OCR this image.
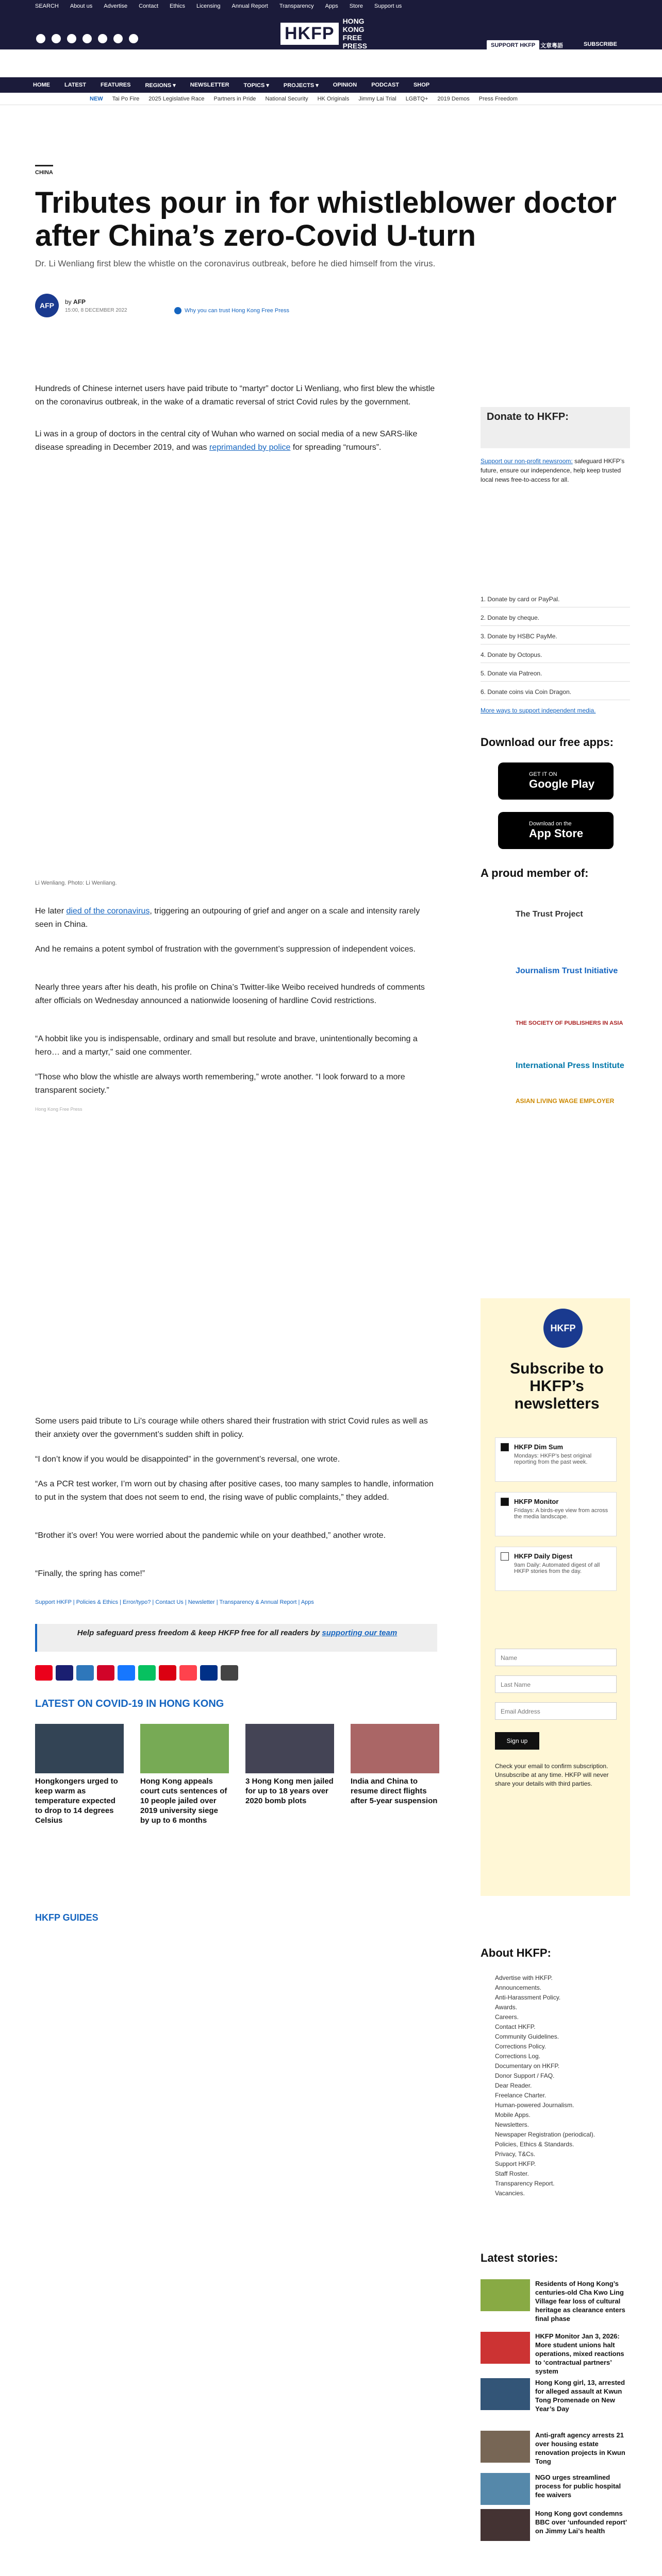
SEARCH About us Advertise Contact Ethics Licensing Annual Report Transparency Apps Store Support us
HKFP
HONG KONG
FREE PRESS	SUPPORT HKFP 文章粵語	SUBSCRIBE
HOME	LATEST	FEATURES	REGIONS ▾	NEWSLETTER	TOPICS ▾	PROJECTS ▾	OPINION	PODCAST	SHOP
NEW Tai Po Fire 2025 Legislative Race Partners in Pride National Security HK Originals Jimmy Lai Trial LGBTQ+ 2019 Demos Press Freedom
CHINA
Tributes pour in for whistleblower doctor after China’s zero-Covid U-turn
Dr. Li Wenliang first blew the whistle on the coronavirus outbreak, before he died himself from the virus.
AFP	by AFP
15:00, 8 DECEMBER 2022	Why you can trust Hong Kong Free Press

Hundreds of Chinese internet users have paid tribute to “martyr” doctor Li Wenliang, who first blew the whistle on the coronavirus outbreak, in the wake of a dramatic reversal of strict Covid rules by the government.

Li was in a group of doctors in the central city of Wuhan who warned on social media of a new SARS-like disease spreading in December 2019, and was reprimanded by police for spreading “rumours”.

Li Wenliang. Photo: Li Wenliang.

He later died of the coronavirus, triggering an outpouring of grief and anger on a scale and intensity rarely seen in China.

And he remains a potent symbol of frustration with the government’s suppression of independent voices.

Nearly three years after his death, his profile on China’s Twitter-like Weibo received hundreds of comments after officials on Wednesday announced a nationwide loosening of hardline Covid restrictions.

“A hobbit like you is indispensable, ordinary and small but resolute and brave, unintentionally becoming a hero… and a martyr,” said one commenter.

“Those who blow the whistle are always worth remembering,” wrote another. “I look forward to a more transparent society.”

Hong Kong Free Press

Some users paid tribute to Li’s courage while others shared their frustration with strict Covid rules as well as their anxiety over the government’s sudden shift in policy.

“I don’t know if you would be disappointed” in the government’s reversal, one wrote.

“As a PCR test worker, I’m worn out by chasing after positive cases, too many samples to handle, information to put in the system that does not seem to end, the rising wave of public complaints,” they added.

“Brother it’s over! You were worried about the pandemic while on your deathbed,” another wrote.

“Finally, the spring has come!”

Support HKFP | Policies & Ethics | Error/typo? | Contact Us | Newsletter | Transparency & Annual Report | Apps
Help safeguard press freedom & keep HKFP free for all readers by supporting our team
LATEST ON COVID-19 IN HONG KONG
Hongkongers urged to keep warm as temperature expected to drop to 14 degrees Celsius
Hong Kong appeals court cuts sentences of 10 people jailed over 2019 university siege by up to 6 months
3 Hong Kong men jailed for up to 18 years over 2020 bomb plots
India and China to resume direct flights after 5-year suspension
HKFP GUIDES
Donate to HKFP:
Support our non-profit newsroom: safeguard HKFP’s future, ensure our independence, help keep trusted local news free-to-access for all.
1. Donate by card or PayPal.
2. Donate by cheque.
3. Donate by HSBC PayMe.
4. Donate by Octopus.
5. Donate via Patreon.
6. Donate coins via Coin Dragon.
More ways to support independent media.
Download our free apps:
GET IT ON
Google Play
Download on the
App Store
A proud member of:
The Trust Project
Journalism Trust Initiative
THE SOCIETY OF PUBLISHERS IN ASIA
International Press Institute
ASIAN LIVING WAGE EMPLOYER
HKFP
Subscribe to HKFP’s newsletters
HKFP Dim Sum
Mondays: HKFP’s best original reporting from the past week.
HKFP Monitor
Fridays: A birds-eye view from across the media landscape.
HKFP Daily Digest
9am Daily: Automated digest of all HKFP stories from the day.
Name
Last Name
Email Address
Sign up
Check your email to confirm subscription. Unsubscribe at any time. HKFP will never share your details with third parties.
About HKFP:
Advertise with HKFP.
Announcements.
Anti-Harassment Policy.
Awards.
Careers.
Contact HKFP.
Community Guidelines.
Corrections Policy.
Corrections Log.
Documentary on HKFP.
Donor Support / FAQ.
Dear Reader.
Freelance Charter.
Human-powered Journalism.
Mobile Apps.
Newsletters.
Newspaper Registration (periodical).
Policies, Ethics & Standards.
Privacy, T&Cs.
Support HKFP.
Staff Roster.
Transparency Report.
Vacancies.
Latest stories:
Residents of Hong Kong’s centuries-old Cha Kwo Ling Village fear loss of cultural heritage as clearance enters final phase
HKFP Monitor Jan 3, 2026: More student unions halt operations, mixed reactions to ‘contractual partners’ system
Hong Kong girl, 13, arrested for alleged assault at Kwun Tong Promenade on New Year’s Day
Anti-graft agency arrests 21 over housing estate renovation projects in Kwun Tong
NGO urges streamlined process for public hospital fee waivers
Hong Kong govt condemns BBC over ‘unfounded report’ on Jimmy Lai’s health
